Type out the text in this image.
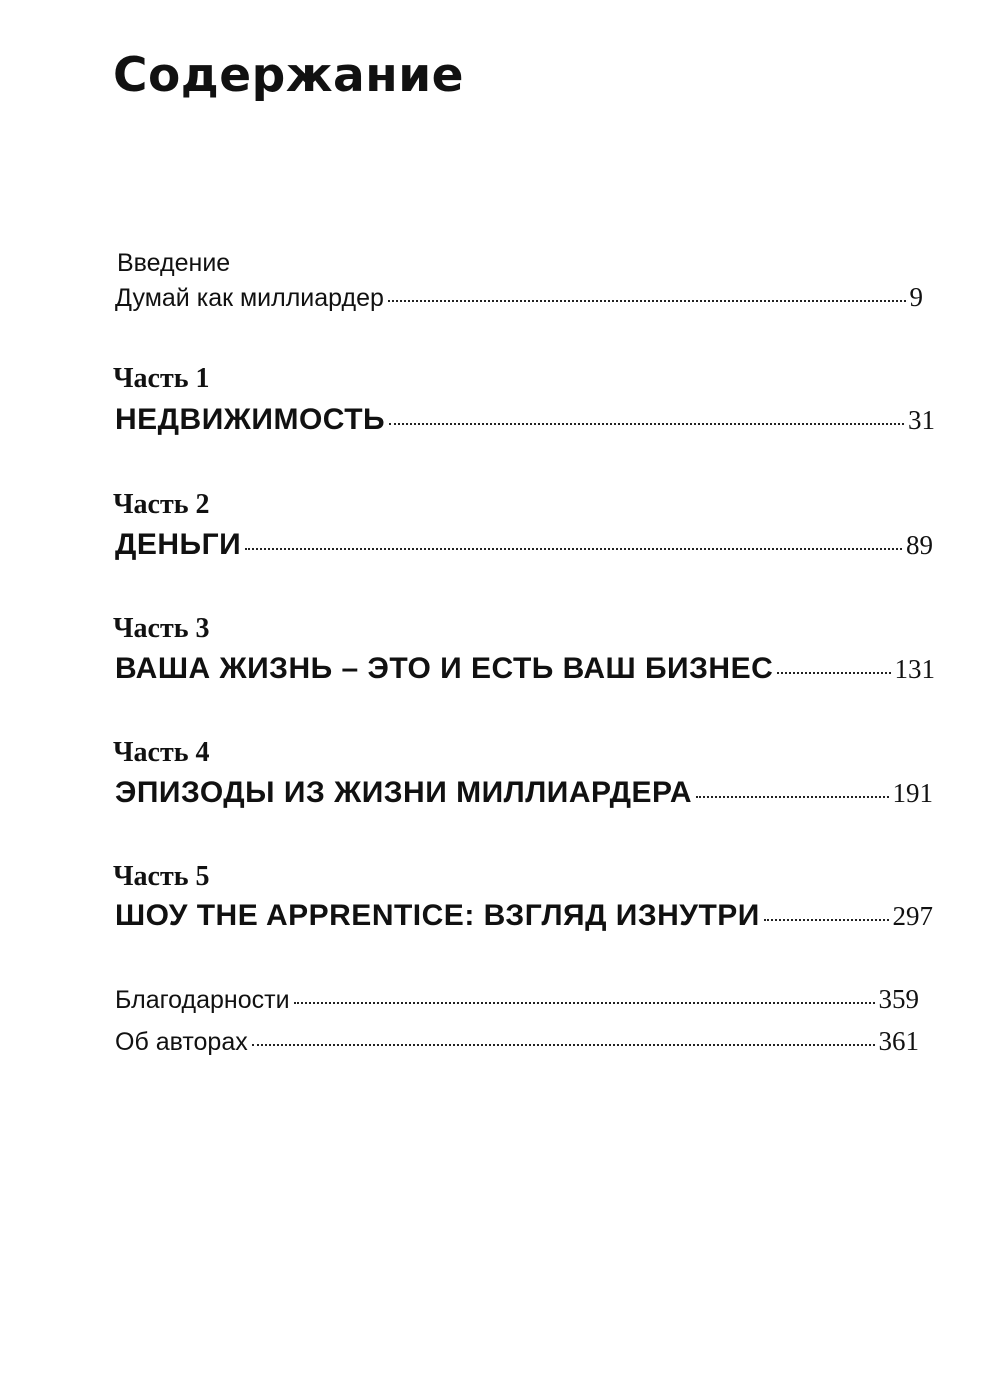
Содержание
Введение
Думай как миллиардер	9
Часть 1
НЕДВИЖИМОСТЬ	31
Часть 2
ДЕНЬГИ	89
Часть 3
ВАША ЖИЗНЬ – ЭТО И ЕСТЬ ВАШ БИЗНЕС	131
Часть 4
ЭПИЗОДЫ ИЗ ЖИЗНИ МИЛЛИАРДЕРА	191
Часть 5
ШОУ THE APPRENTICE: ВЗГЛЯД ИЗНУТРИ	297
Благодарности	359
Об авторах	361
